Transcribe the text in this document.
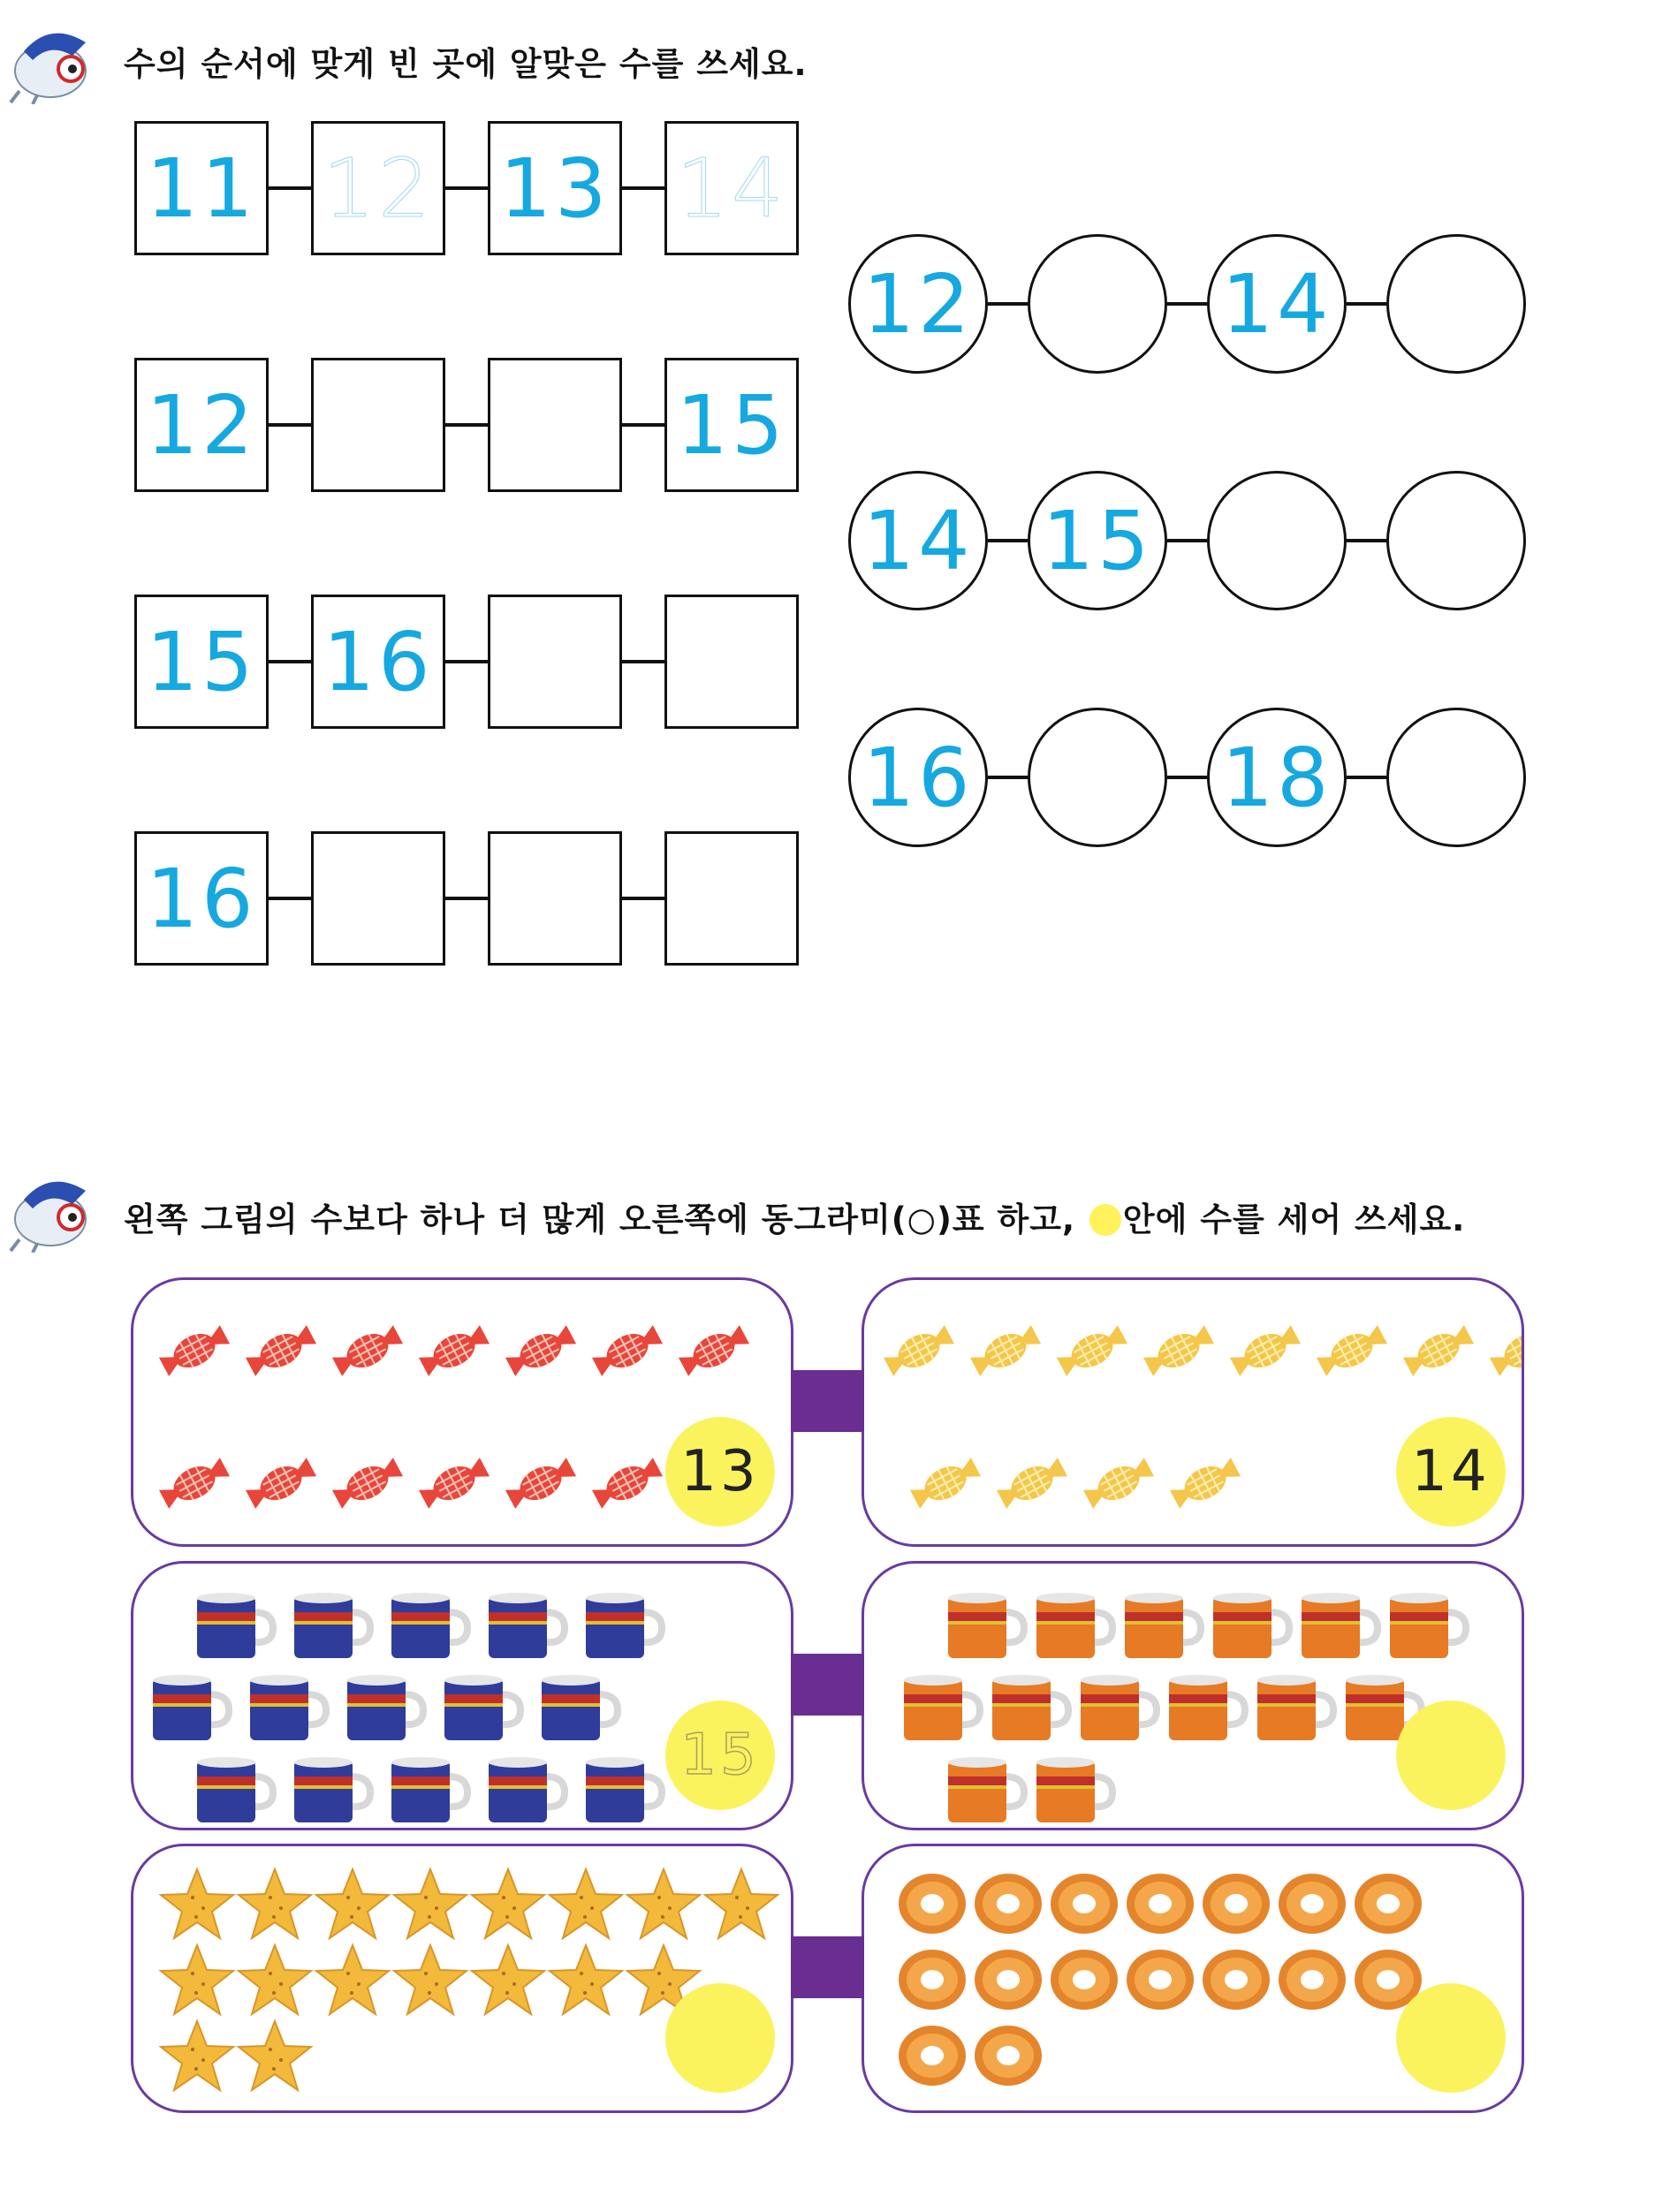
수의 순서에 맞게 빈 곳에 알맞은 수를 쓰세요.
11 12 13 14
12	15
15 16
16
12	14
14 15
16	18
왼쪽 그림의 수보다 하나 더 많게 오른쪽에 동그라미(○)표 하고, 안에 수를 세어 쓰세요.
13	14
15
